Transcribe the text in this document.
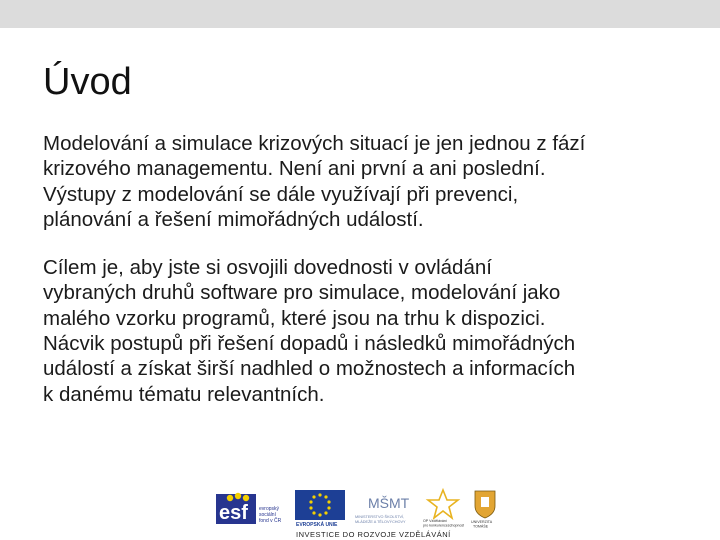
Úvod

Modelování a simulace krizových situací je jen jednou z fází
krizového managementu. Není ani první a ani poslední.
Výstupy z modelování se dále využívají při prevenci,
plánování a řešení mimořádných událostí.

Cílem je, aby jste si osvojili dovednosti v ovládání
vybraných druhů software pro simulace, modelování jako
malého vzorku programů, které jsou na trhu k dispozici.
Nácvik postupů při řešení dopadů i následků mimořádných
událostí a získat širší nadhled o možnostech a informacích
k danému tématu relevantních.

esf evropský
sociální
fond v ČR
EVROPSKÁ UNIE
MŠMT
MINISTERSTVO ŠKOLSTVÍ,
MLÁDEŽE A TĚLOVÝCHOVY	OP Vzdělávání
pro konkurenceschopnost
UNIVERZITA
TOMÁŠE
INVESTICE DO ROZVOJE VZDĚLÁVÁNÍ
